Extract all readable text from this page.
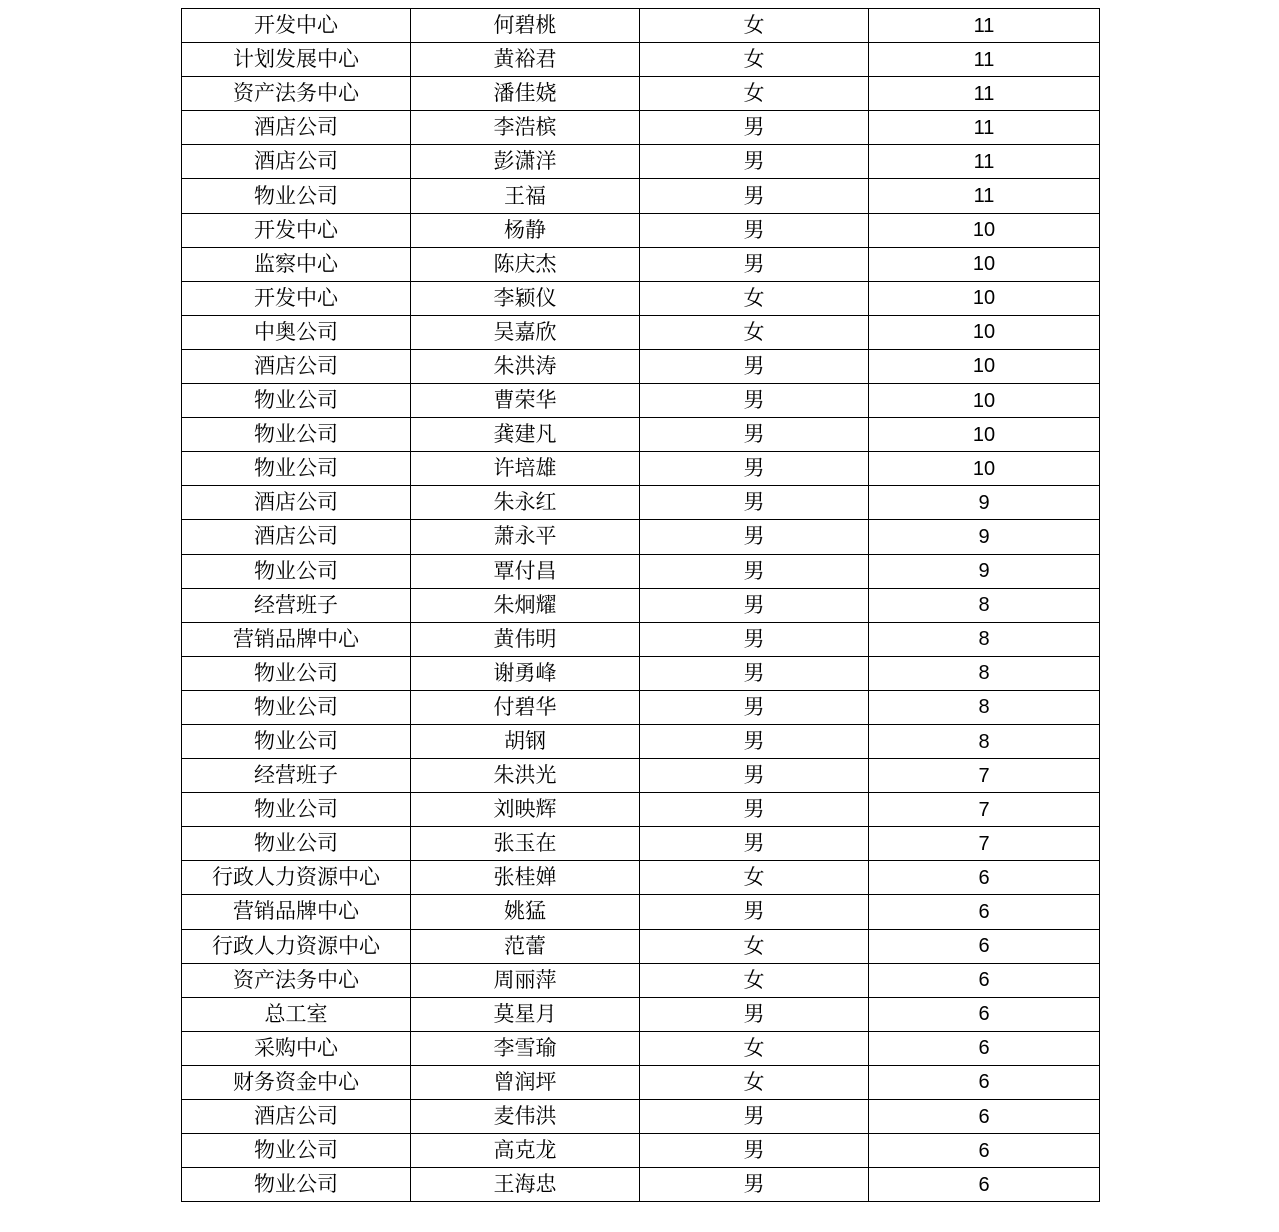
开发中心	何碧桃	女	11
计划发展中心	黄裕君	女	11
资产法务中心	潘佳娆	女	11
酒店公司	李浩槟	男	11
酒店公司	彭潇洋	男	11
物业公司	王福	男	11
开发中心	杨静	男	10
监察中心	陈庆杰	男	10
开发中心	李颖仪	女	10
中奥公司	吴嘉欣	女	10
酒店公司	朱洪涛	男	10
物业公司	曹荣华	男	10
物业公司	龚建凡	男	10
物业公司	许培雄	男	10
酒店公司	朱永红	男	9
酒店公司	萧永平	男	9
物业公司	覃付昌	男	9
经营班子	朱炯耀	男	8
营销品牌中心	黄伟明	男	8
物业公司	谢勇峰	男	8
物业公司	付碧华	男	8
物业公司	胡钢	男	8
经营班子	朱洪光	男	7
物业公司	刘映辉	男	7
物业公司	张玉在	男	7
行政人力资源中心	张桂婵	女	6
营销品牌中心	姚猛	男	6
行政人力资源中心	范蕾	女	6
资产法务中心	周丽萍	女	6
总工室	莫星月	男	6
采购中心	李雪瑜	女	6
财务资金中心	曾润坪	女	6
酒店公司	麦伟洪	男	6
物业公司	高克龙	男	6
物业公司	王海忠	男	6
